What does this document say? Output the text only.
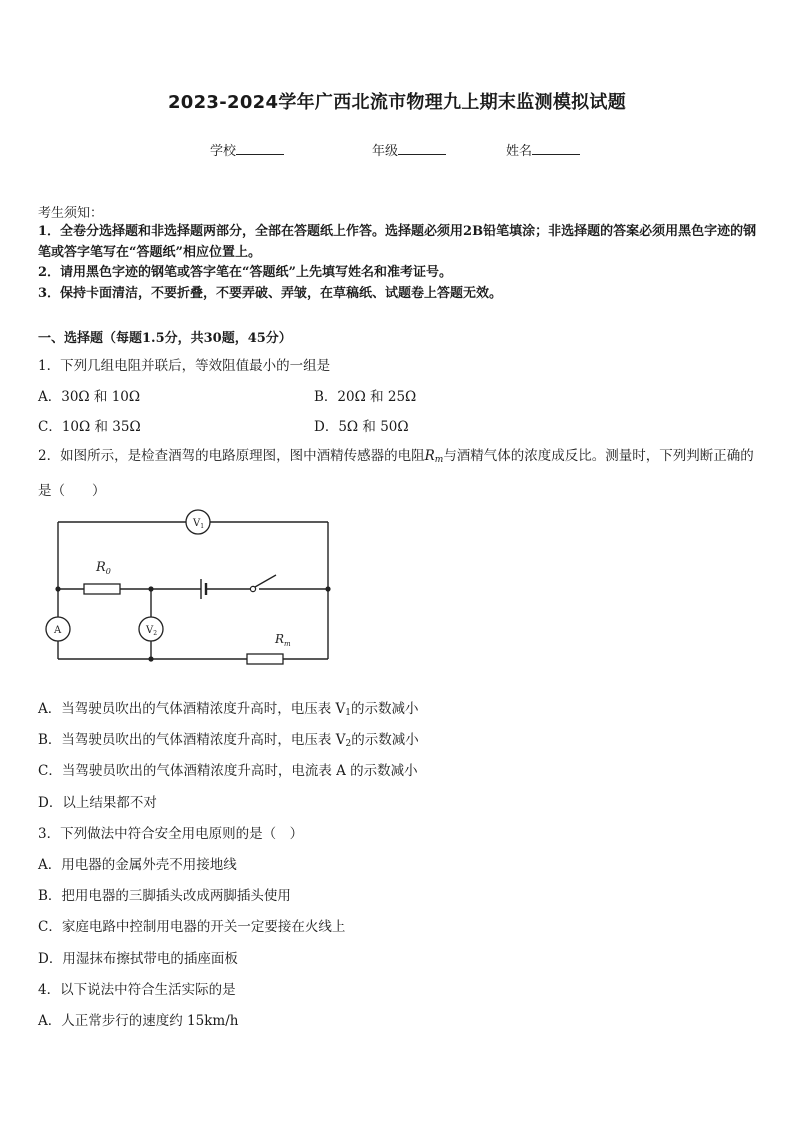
2023-2024学年广西北流市物理九上期末监测模拟试题
学校	年级	姓名
考生须知：
1．全卷分选择题和非选择题两部分，全部在答题纸上作答。选择题必须用2B铅笔填涂；非选择题的答案必须用黑色字迹的钢笔或答字笔写在“答题纸”相应位置上。
2．请用黑色字迹的钢笔或答字笔在“答题纸”上先填写姓名和准考证号。
3．保持卡面清洁，不要折叠，不要弄破、弄皱，在草稿纸、试题卷上答题无效。
一、选择题（每题1.5分，共30题，45分）
1．下列几组电阻并联后，等效阻值最小的一组是
A．30Ω 和 10Ω	B．20Ω 和 25Ω
C．10Ω 和 35Ω	D．5Ω 和 50Ω
2．如图所示，是检查酒驾的电路原理图，图中酒精传感器的电阻$R_m$与酒精气体的浓度成反比。测量时，下列判断正确的是（　　）
$V_1$
$R_0$
A	$V_2$	$R_m$
A．当驾驶员吹出的气体酒精浓度升高时，电压表 $V_1$的示数减小
B．当驾驶员吹出的气体酒精浓度升高时，电压表 $V_2$的示数减小
C．当驾驶员吹出的气体酒精浓度升高时，电流表 A 的示数减小
D．以上结果都不对
3．下列做法中符合安全用电原则的是（　）
A．用电器的金属外壳不用接地线
B．把用电器的三脚插头改成两脚插头使用
C．家庭电路中控制用电器的开关一定要接在火线上
D．用湿抹布擦拭带电的插座面板
4．以下说法中符合生活实际的是
A．人正常步行的速度约 15km/h
